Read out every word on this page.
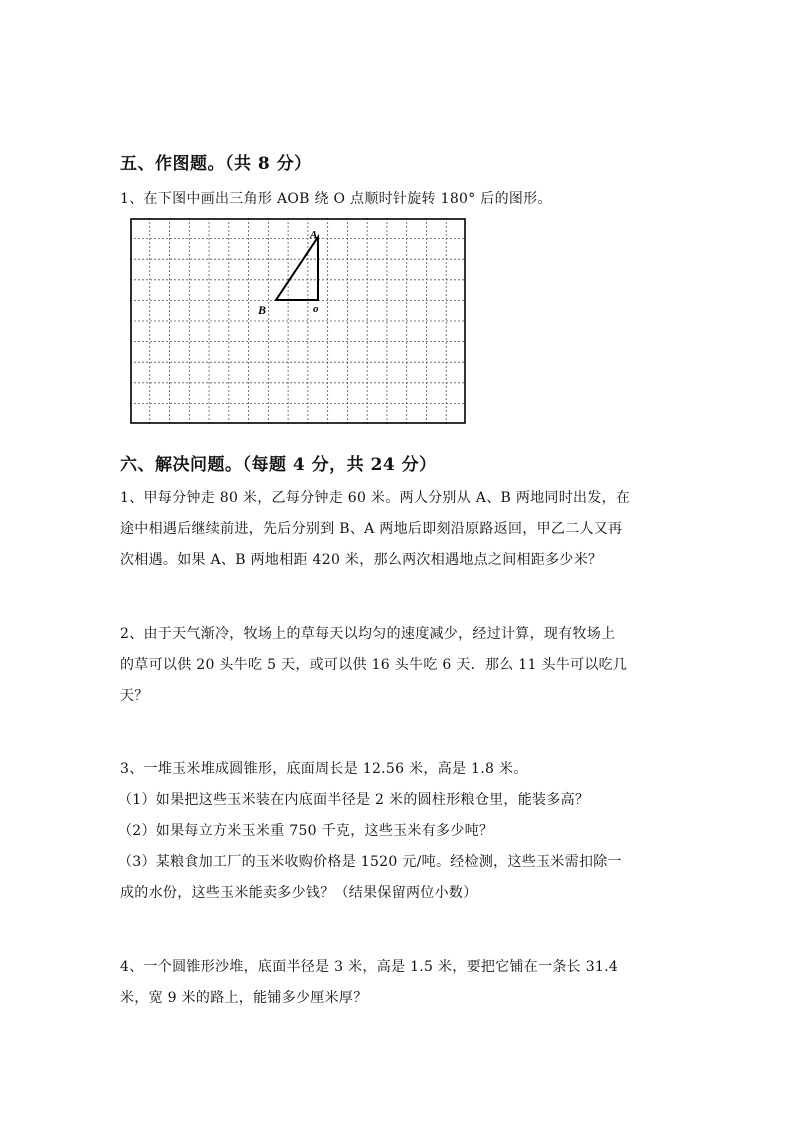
五、作图题。（共 8 分）
1、在下图中画出三角形 AOB 绕 O 点顺时针旋转 180° 后的图形。
A
B	o
六、解决问题。（每题 4 分，共 24 分）
1、甲每分钟走 80 米，乙每分钟走 60 米。两人分别从 A、B 两地同时出发，在
途中相遇后继续前进，先后分别到 B、A 两地后即刻沿原路返回，甲乙二人又再
次相遇。如果 A、B 两地相距 420 米，那么两次相遇地点之间相距多少米？
2、由于天气渐冷，牧场上的草每天以均匀的速度减少，经过计算，现有牧场上
的草可以供 20 头牛吃 5 天，或可以供 16 头牛吃 6 天．那么 11 头牛可以吃几
天？
3、一堆玉米堆成圆锥形，底面周长是 12.56 米，高是 1.8 米。
（1）如果把这些玉米装在内底面半径是 2 米的圆柱形粮仓里，能装多高？
（2）如果每立方米玉米重 750 千克，这些玉米有多少吨？
（3）某粮食加工厂的玉米收购价格是 1520 元/吨。经检测，这些玉米需扣除一
成的水份，这些玉米能卖多少钱？（结果保留两位小数）
4、一个圆锥形沙堆，底面半径是 3 米，高是 1.5 米，要把它铺在一条长 31.4
米，宽 9 米的路上，能铺多少厘米厚？
